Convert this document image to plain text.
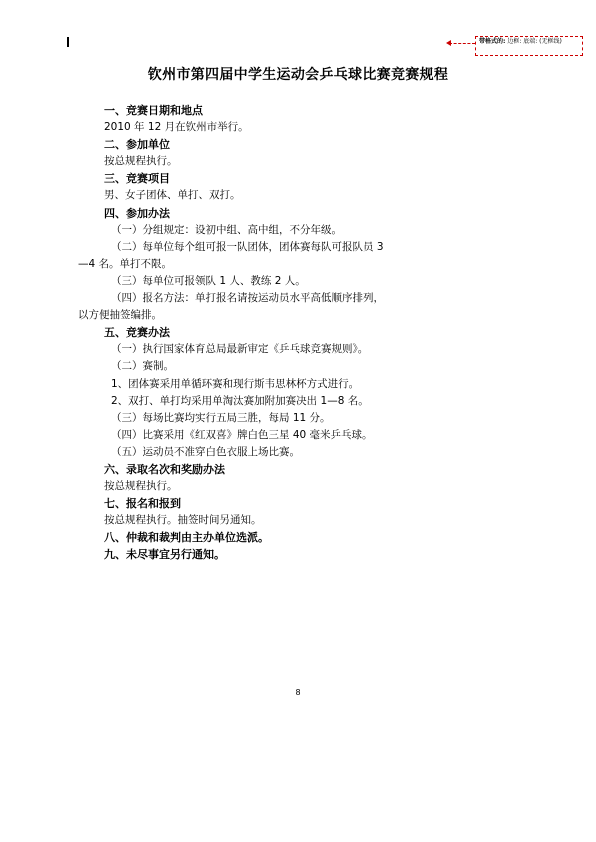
带格式的: 边框: 底端: (无框线)
钦州市第四届中学生运动会乒乓球比赛竞赛规程
一、竞赛日期和地点
2010 年 12 月在钦州市举行。
二、参加单位
按总规程执行。
三、竞赛项目
男、女子团体、单打、双打。
四、参加办法
（一）分组规定：设初中组、高中组，不分年级。
（二）每单位每个组可报一队团体，团体赛每队可报队员 3
—4 名。单打不限。
（三）每单位可报领队 1 人、教练 2 人。
（四）报名方法：单打报名请按运动员水平高低顺序排列，
以方便抽签编排。
五、竞赛办法
（一）执行国家体育总局最新审定《乒乓球竞赛规则》。
（二）赛制。
1、团体赛采用单循环赛和现行斯韦思林杯方式进行。
2、双打、单打均采用单淘汰赛加附加赛决出 1—8 名。
（三）每场比赛均实行五局三胜，每局 11 分。
（四）比赛采用《红双喜》牌白色三星 40 毫米乒乓球。
（五）运动员不准穿白色衣服上场比赛。
六、录取名次和奖励办法
按总规程执行。
七、报名和报到
按总规程执行。抽签时间另通知。
八、仲裁和裁判由主办单位选派。
九、未尽事宜另行通知。
8
